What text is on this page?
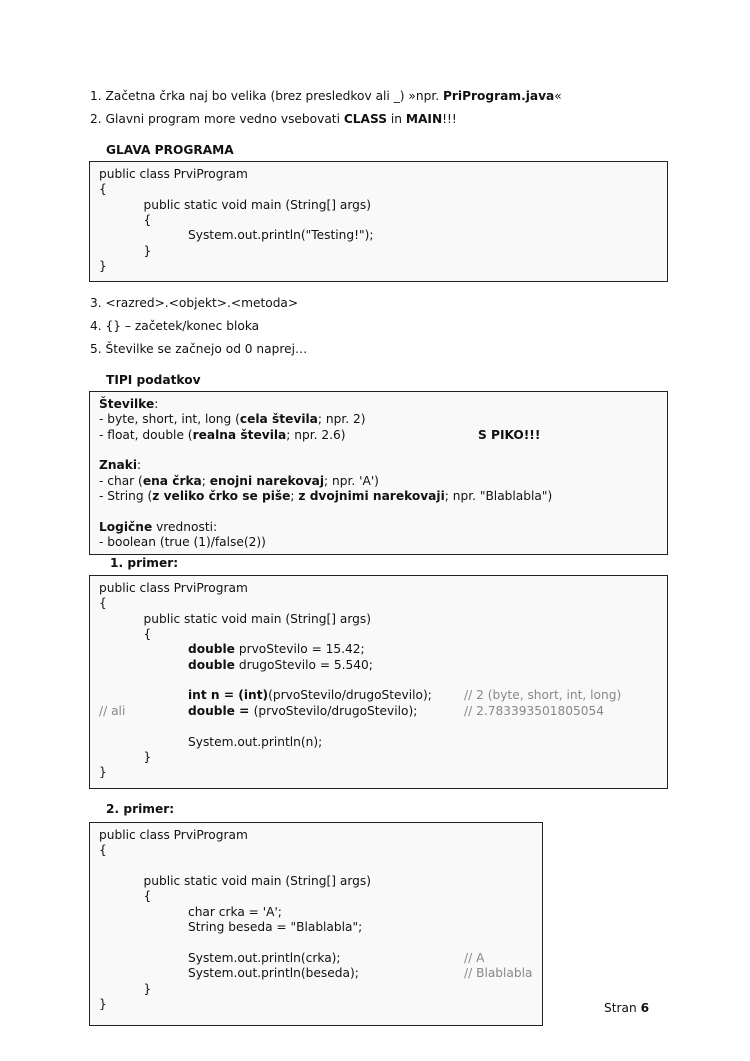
1. Začetna črka naj bo velika (brez presledkov ali _) »npr. PriProgram.java«
2. Glavni program more vedno vsebovati CLASS in MAIN!!!
GLAVA PROGRAMA
public class PrviProgram
{
public static void main (String[] args)
{
System.out.println("Testing!");
}
}
3. <razred>.<objekt>.<metoda>
4. {} – začetek/konec bloka
5. Številke se začnejo od 0 naprej…
TIPI podatkov
Številke:
- byte, short, int, long (cela števila; npr. 2)
- float, double (realna števila; npr. 2.6)	S PIKO!!!
Znaki:
- char (ena črka; enojni narekovaj; npr. 'A')
- String (z veliko črko se piše; z dvojnimi narekovaji; npr. "Blablabla")
Logične vrednosti:
- boolean (true (1)/false(2))
1. primer:
public class PrviProgram
{
public static void main (String[] args)
{
double prvoStevilo = 15.42;
double drugoStevilo = 5.540;
int n = (int)(prvoStevilo/drugoStevilo);	// 2 (byte, short, int, long)
double = (prvoStevilo/drugoStevilo);
// ali	// 2.783393501805054
System.out.println(n);
}
}
2. primer:
public class PrviProgram
{
public static void main (String[] args)
{
char crka = 'A';
String beseda = "Blablabla";
System.out.println(crka);	// A
System.out.println(beseda);	// Blablabla
}
}	Stran 6
